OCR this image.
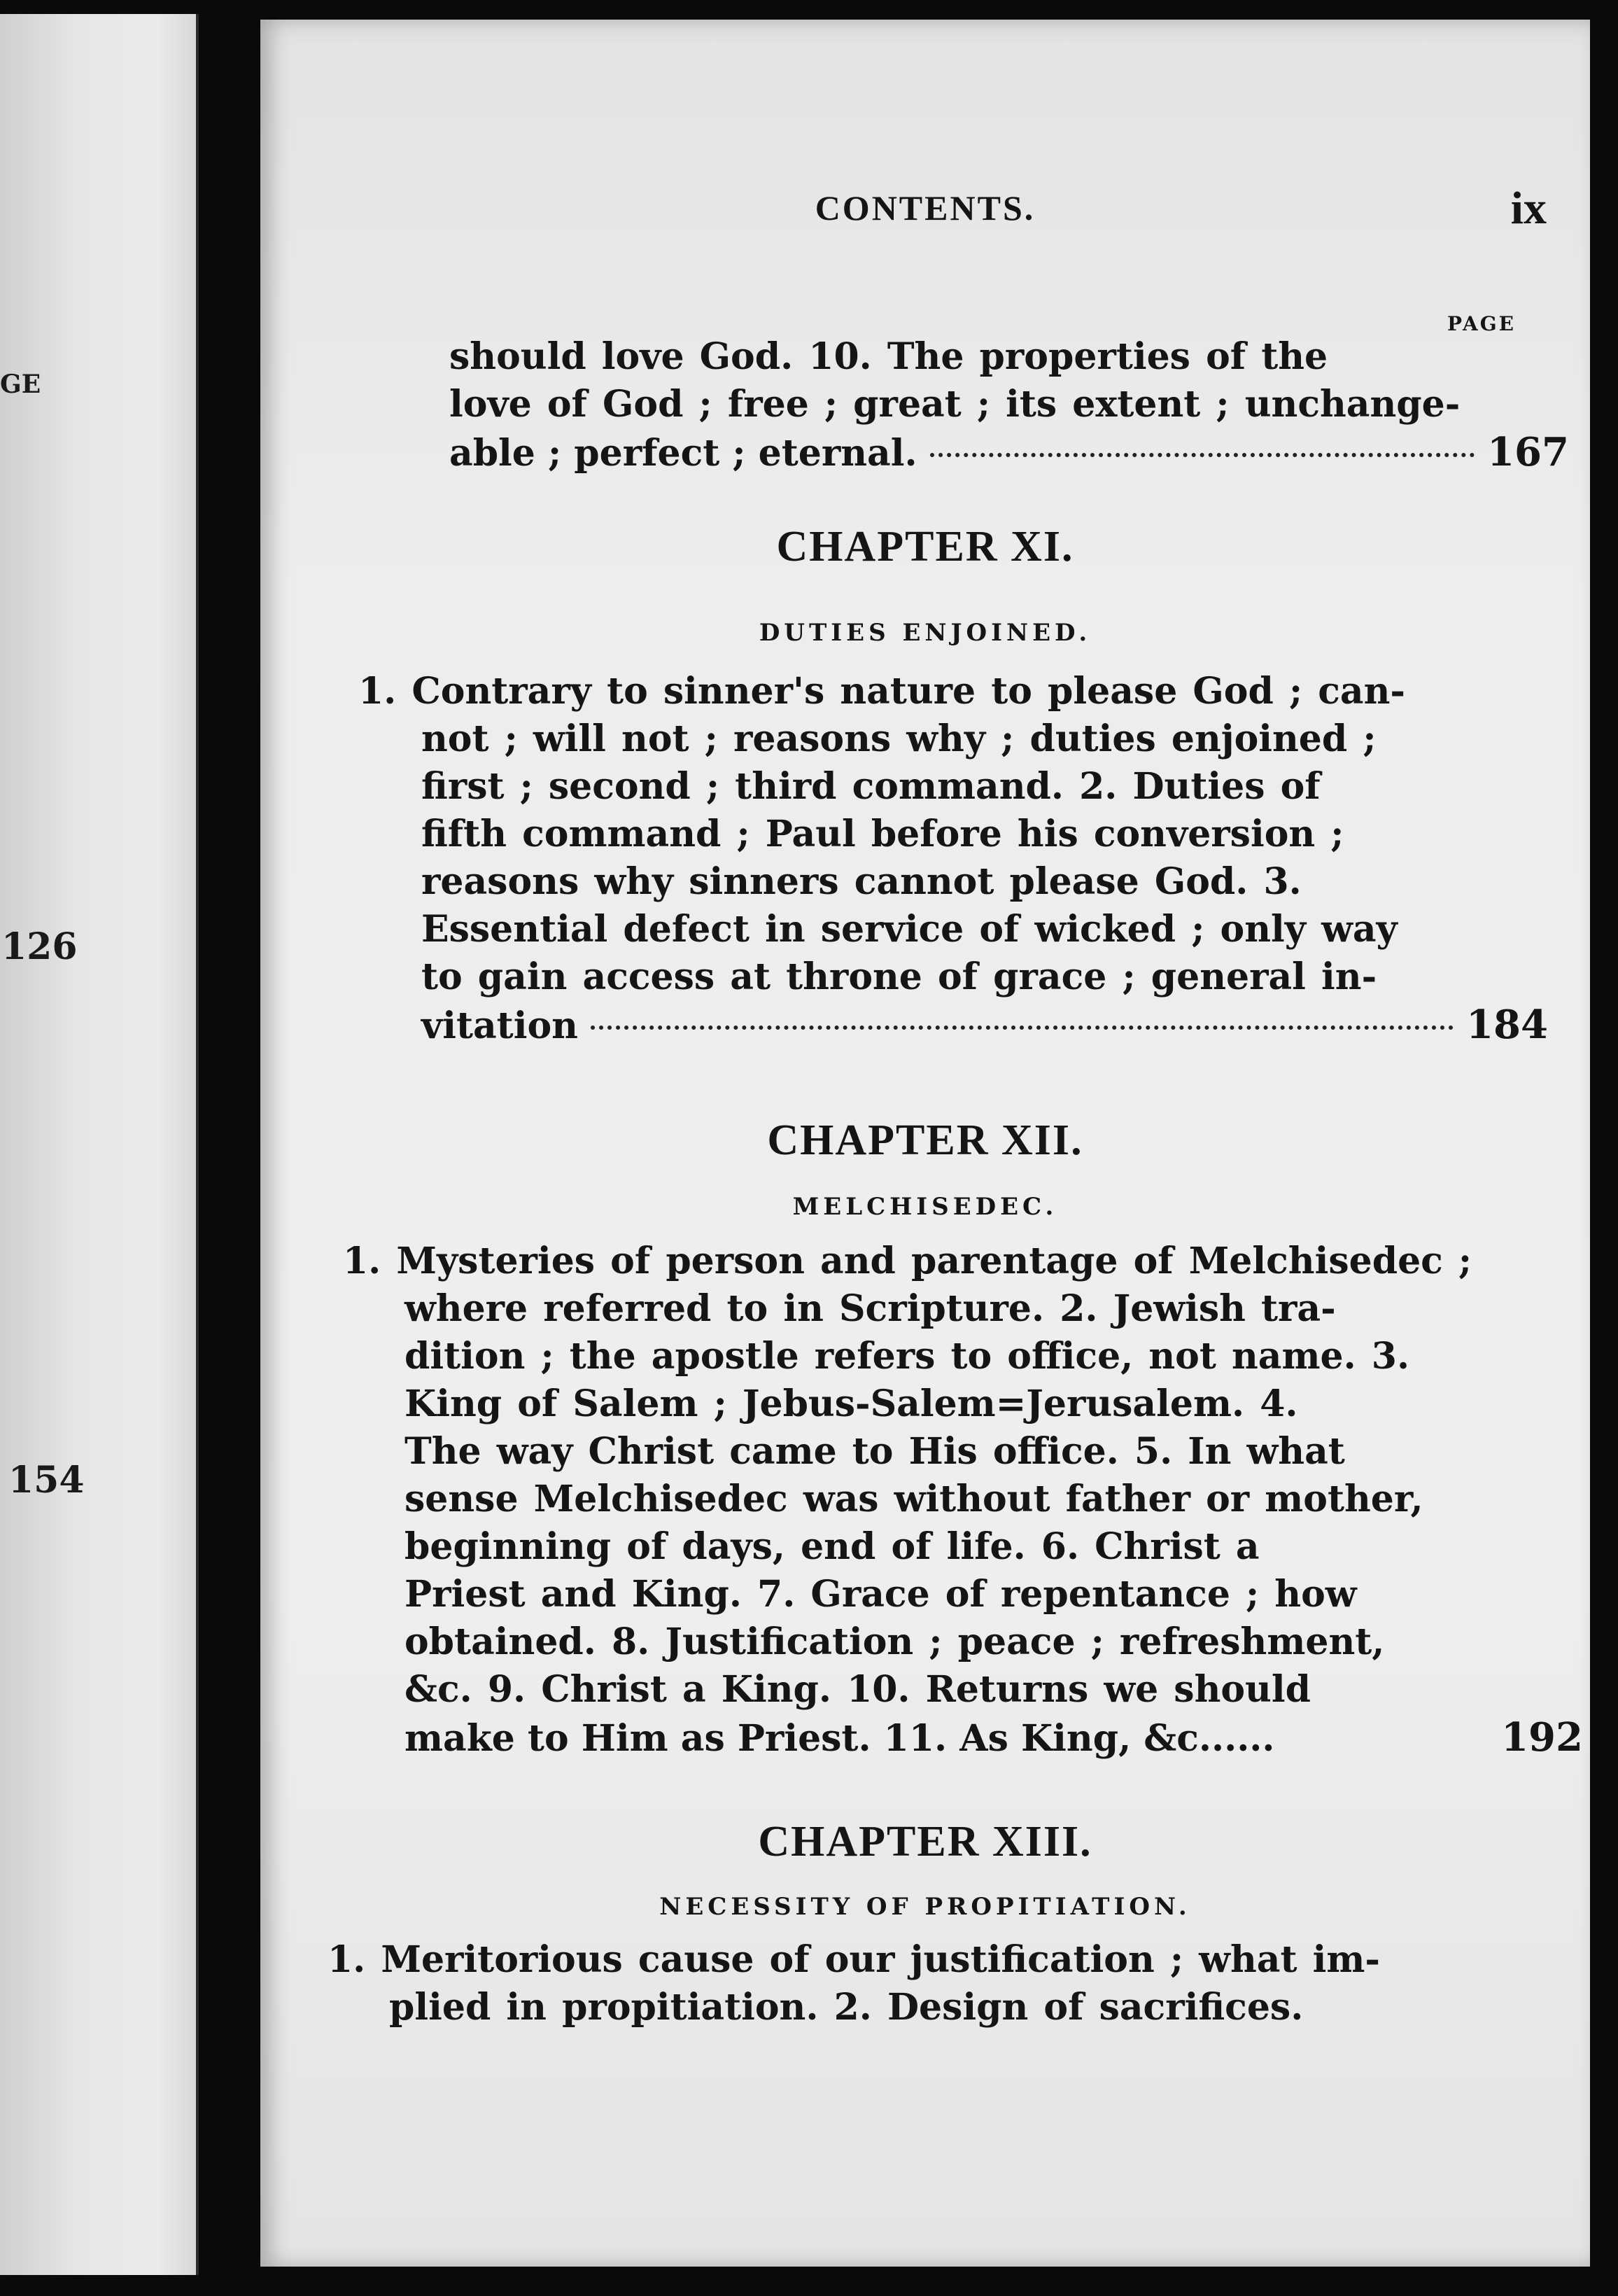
GE
126
154
CONTENTS.	ix
PAGE
should love God. 10. The properties of the
love of God ; free ; great ; its extent ; unchange-
able ; perfect ; eternal.	167
CHAPTER XI.
DUTIES ENJOINED.
1. Contrary to sinner's nature to please God ; can-
not ; will not ; reasons why ; duties enjoined ;
first ; second ; third command. 2. Duties of
fifth command ; Paul before his conversion ;
reasons why sinners cannot please God. 3.
Essential defect in service of wicked ; only way
to gain access at throne of grace ; general in-
vitation	184
CHAPTER XII.
MELCHISEDEC.
1. Mysteries of person and parentage of Melchisedec ;
where referred to in Scripture. 2. Jewish tra-
dition ; the apostle refers to office, not name. 3.
King of Salem ; Jebus-Salem=Jerusalem. 4.
The way Christ came to His office. 5. In what
sense Melchisedec was without father or mother,
beginning of days, end of life. 6. Christ a
Priest and King. 7. Grace of repentance ; how
obtained. 8. Justification ; peace ; refreshment,
&c. 9. Christ a King. 10. Returns we should
make to Him as Priest. 11. As King, &c......	192
CHAPTER XIII.
NECESSITY OF PROPITIATION.
1. Meritorious cause of our justification ; what im-
plied in propitiation. 2. Design of sacrifices.
